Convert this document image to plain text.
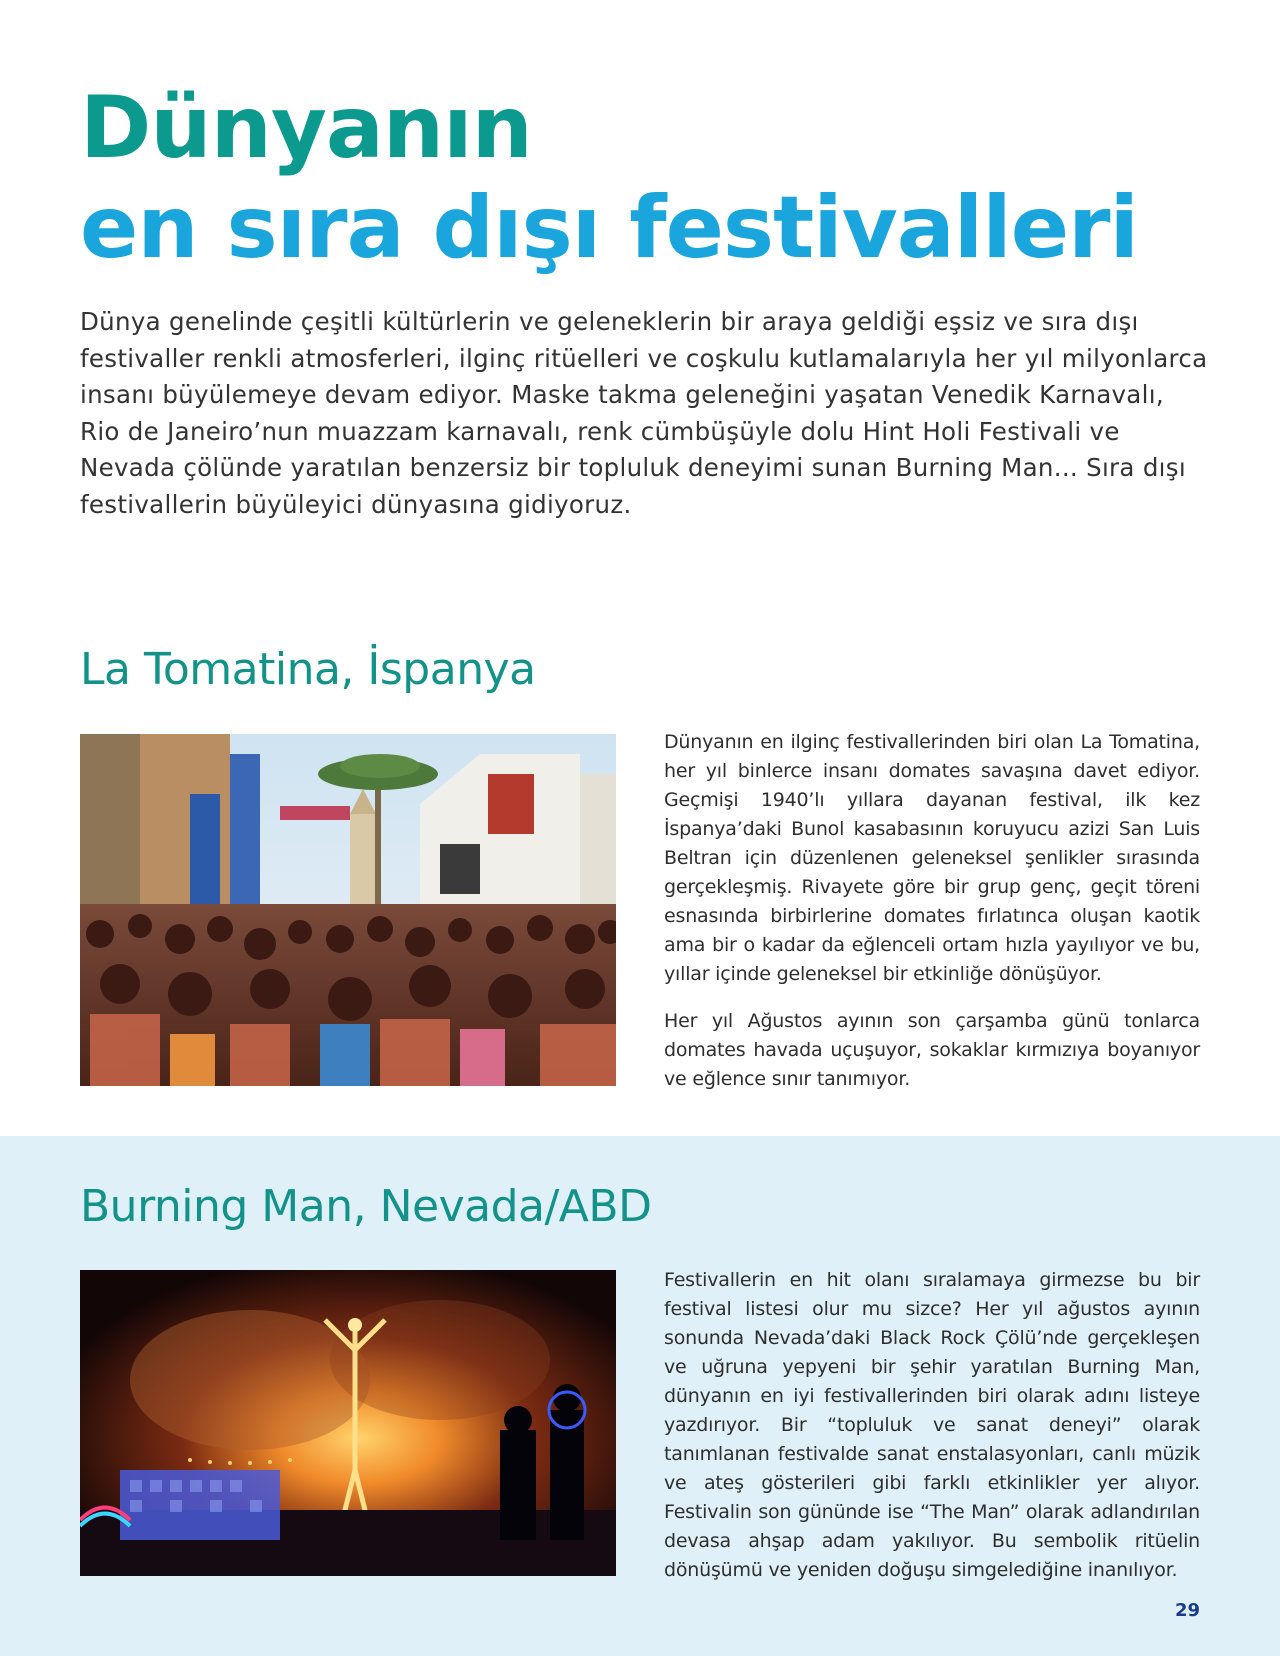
Dünyanın
en sıra dışı festivalleri

Dünya genelinde çeşitli kültürlerin ve geleneklerin bir araya geldiği eşsiz ve sıra dışı festivaller renkli atmosferleri, ilginç ritüelleri ve coşkulu kutlamalarıyla her yıl milyonlarca insanı büyülemeye devam ediyor. Maske takma geleneğini yaşatan Venedik Karnavalı, Rio de Janeiro’nun muazzam karnavalı, renk cümbüşüyle dolu Hint Holi Festivali ve Nevada çölünde yaratılan benzersiz bir topluluk deneyimi sunan Burning Man... Sıra dışı festivallerin büyüleyici dünyasına gidiyoruz.

La Tomatina, İspanya

Dünyanın en ilginç festivallerinden biri olan La Tomatina, her yıl binlerce insanı domates savaşına davet ediyor. Geçmişi 1940’lı yıllara dayanan festival, ilk kez İspanya’daki Bunol kasabasının koruyucu azizi San Luis Beltran için düzenlenen geleneksel şenlikler sırasında gerçekleşmiş. Rivayete göre bir grup genç, geçit töreni esnasında birbirlerine domates fırlatınca oluşan kaotik ama bir o kadar da eğlenceli ortam hızla yayılıyor ve bu, yıllar içinde geleneksel bir etkinliğe dönüşüyor.

Her yıl Ağustos ayının son çarşamba günü tonlarca domates havada uçuşuyor, sokaklar kırmızıya boyanıyor ve eğlence sınır tanımıyor.

Burning Man, Nevada/ABD

Festivallerin en hit olanı sıralamaya girmezse bu bir festival listesi olur mu sizce? Her yıl ağustos ayının sonunda Nevada’daki Black Rock Çölü’nde gerçekleşen ve uğruna yepyeni bir şehir yaratılan Burning Man, dünyanın en iyi festivallerinden biri olarak adını listeye yazdırıyor. Bir “topluluk ve sanat deneyi” olarak tanımlanan festivalde sanat enstalasyonları, canlı müzik ve ateş gösterileri gibi farklı etkinlikler yer alıyor. Festivalin son gününde ise “The Man” olarak adlandırılan devasa ahşap adam yakılıyor. Bu sembolik ritüelin dönüşümü ve yeniden doğuşu simgelediğine inanılıyor.

29
